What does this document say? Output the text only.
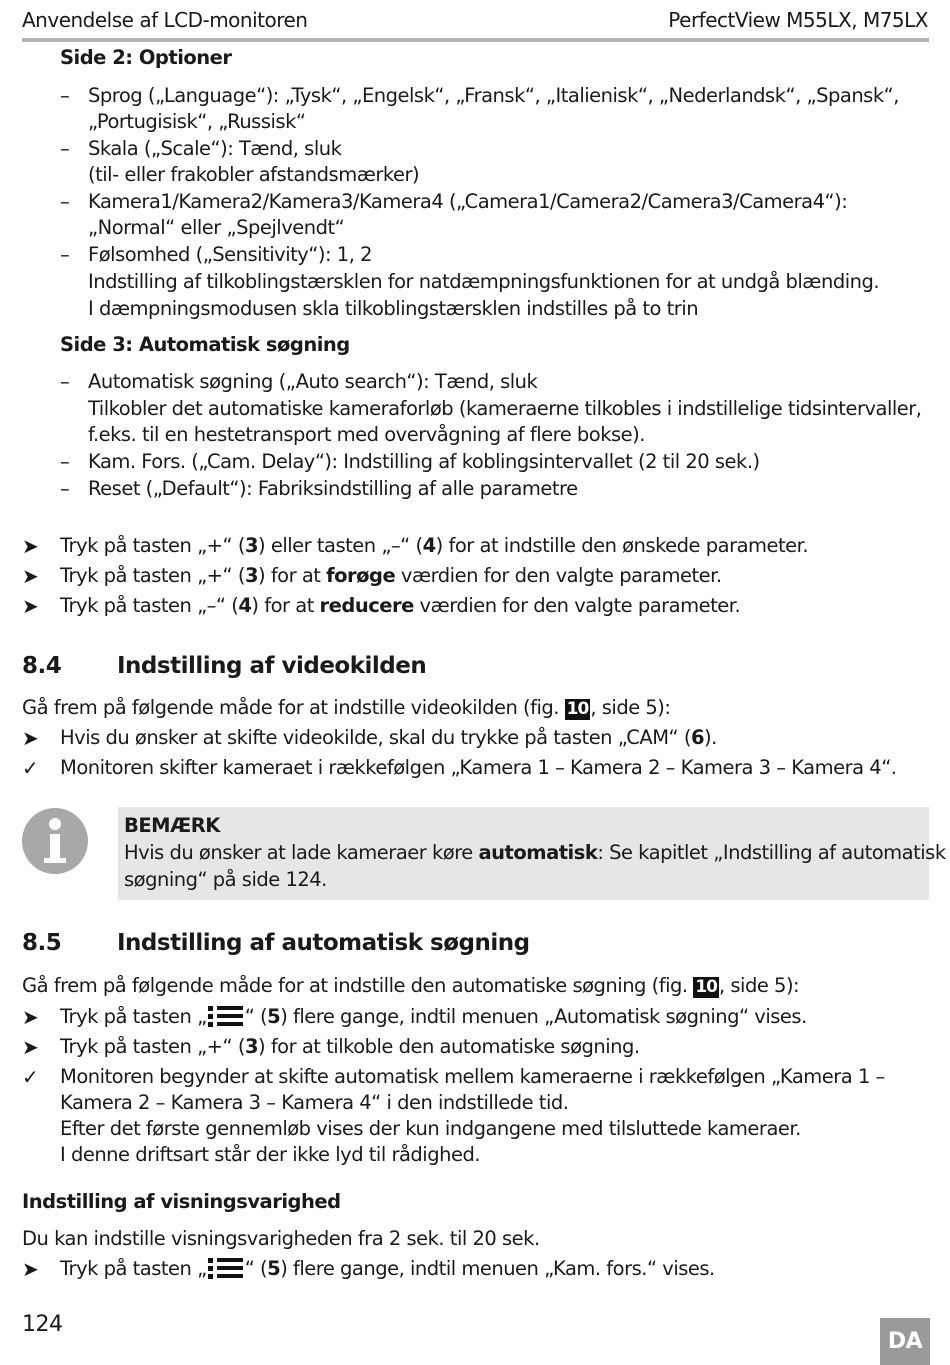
Anvendelse af LCD-monitoren	PerfectView M55LX, M75LX
Side 2: Optioner
– Sprog („Language“): „Tysk“, „Engelsk“, „Fransk“, „Italienisk“, „Nederlandsk“, „Spansk“,
„Portugisisk“, „Russisk“
– Skala („Scale“): Tænd, sluk
(til- eller frakobler afstandsmærker)
– Kamera1/Kamera2/Kamera3/Kamera4 („Camera1/Camera2/Camera3/Camera4“):
„Normal“ eller „Spejlvendt“
– Følsomhed („Sensitivity“): 1, 2
Indstilling af tilkoblingstærsklen for natdæmpningsfunktionen for at undgå blænding.
I dæmpningsmodusen skla tilkoblingstærsklen indstilles på to trin
Side 3: Automatisk søgning
– Automatisk søgning („Auto search“): Tænd, sluk
Tilkobler det automatiske kameraforløb (kameraerne tilkobles i indstillelige tidsintervaller,
f.eks. til en hestetransport med overvågning af flere bokse).
– Kam. Fors. („Cam. Delay“): Indstilling af koblingsintervallet (2 til 20 sek.)
– Reset („Default“): Fabriksindstilling af alle parametre
➤ Tryk på tasten „+“ (3) eller tasten „–“ (4) for at indstille den ønskede parameter.
➤ Tryk på tasten „+“ (3) for at forøge værdien for den valgte parameter.
➤ Tryk på tasten „–“ (4) for at reducere værdien for den valgte parameter.
8.4 Indstilling af videokilden
Gå frem på følgende måde for at indstille videokilden (fig. 10 , side 5):
➤ Hvis du ønsker at skifte videokilde, skal du trykke på tasten „CAM“ (6).
✓ Monitoren skifter kameraet i rækkefølgen „Kamera 1 – Kamera 2 – Kamera 3 – Kamera 4“.
BEMÆRK
Hvis du ønsker at lade kameraer køre automatisk: Se kapitlet „Indstilling af automatisk
søgning“ på side 124.
8.5 Indstilling af automatisk søgning
Gå frem på følgende måde for at indstille den automatiske søgning (fig. 10 , side 5):
➤ Tryk på tasten „ “ (5) flere gange, indtil menuen „Automatisk søgning“ vises.
➤ Tryk på tasten „+“ (3) for at tilkoble den automatiske søgning.
✓ Monitoren begynder at skifte automatisk mellem kameraerne i rækkefølgen „Kamera 1 –
Kamera 2 – Kamera 3 – Kamera 4“ i den indstillede tid.
Efter det første gennemløb vises der kun indgangene med tilsluttede kameraer.
I denne driftsart står der ikke lyd til rådighed.
Indstilling af visningsvarighed
Du kan indstille visningsvarigheden fra 2 sek. til 20 sek.
➤ Tryk på tasten „ “ (5) flere gange, indtil menuen „Kam. fors.“ vises.
124
DA
